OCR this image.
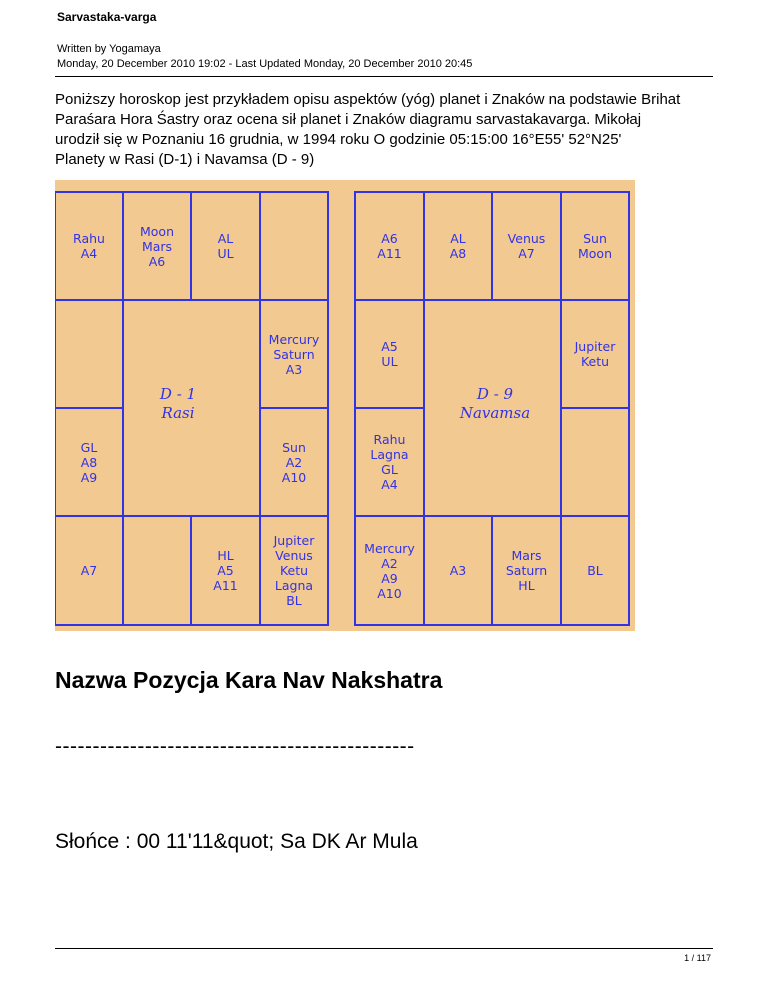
Sarvastaka-varga
Written by Yogamaya
Monday, 20 December 2010 19:02 - Last Updated Monday, 20 December 2010 20:45
Poniższy horoskop jest przykładem opisu aspektów (yóg) planet i Znaków na podstawie Brihat
Paraśara Hora Śastry oraz ocena sił planet i Znaków diagramu sarvastakavarga. Mikołaj
urodził się w Poznaniu 16 grudnia, w 1994 roku O godzinie 05:15:00 16°E55' 52°N25'
Planety w Rasi (D-1) i Navamsa (D - 9)
Rahu
A4
Moon
Mars
A6
AL
UL
GL
A8
A9
Mercury
Saturn
A3
Sun
A2
A10
A7
HL
A5
A11
Jupiter
Venus
Ketu
Lagna
BL
D - 1
Rasi
A6
A11
AL
A8
Venus
A7
Sun
Moon
A5
UL
Rahu
Lagna
GL
A4
Jupiter
Ketu
Mercury
A2
A9
A10
A3
Mars
Saturn
HL
BL
D - 9
Navamsa
Nazwa Pozycja Kara Nav Nakshatra
------------------------------------------------
Słońce : 00 11'11&quot; Sa DK Ar Mula
1 / 117
